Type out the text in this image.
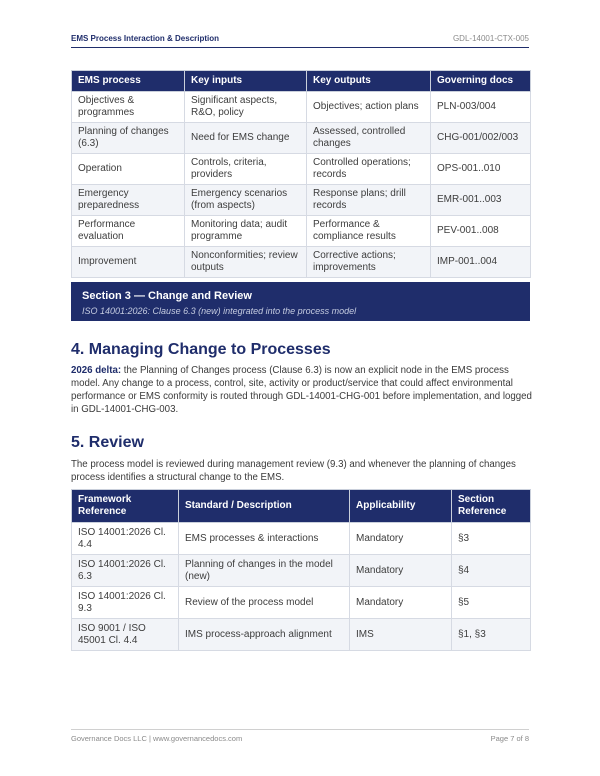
EMS Process Interaction & Description	GDL-14001-CTX-005
EMS process	Key inputs	Key outputs	Governing docs
Objectives & programmes	Significant aspects, R&O, policy	Objectives; action plans	PLN-003/004
Planning of changes (6.3)	Need for EMS change	Assessed, controlled changes	CHG-001/002/003
Operation	Controls, criteria, providers	Controlled operations; records	OPS-001..010
Emergency preparedness	Emergency scenarios (from aspects)	Response plans; drill records	EMR-001..003
Performance evaluation	Monitoring data; audit programme	Performance & compliance results	PEV-001..008
Improvement	Nonconformities; review outputs	Corrective actions; improvements	IMP-001..004
Section 3 — Change and Review
ISO 14001:2026: Clause 6.3 (new) integrated into the process model
4. Managing Change to Processes

2026 delta: the Planning of Changes process (Clause 6.3) is now an explicit node in the EMS process model. Any change to a process, control, site, activity or product/service that could affect environmental performance or EMS conformity is routed through GDL-14001-CHG-001 before implementation, and logged in GDL-14001-CHG-003.

5. Review

The process model is reviewed during management review (9.3) and whenever the planning of changes process identifies a structural change to the EMS.

Framework Reference	Standard / Description	Applicability	Section Reference
ISO 14001:2026 Cl. 4.4	EMS processes & interactions	Mandatory	§3
ISO 14001:2026 Cl. 6.3	Planning of changes in the model (new)	Mandatory	§4
ISO 14001:2026 Cl. 9.3	Review of the process model	Mandatory	§5
ISO 9001 / ISO 45001 Cl. 4.4	IMS process-approach alignment	IMS	§1, §3
Governance Docs LLC | www.governancedocs.com	Page 7 of 8
